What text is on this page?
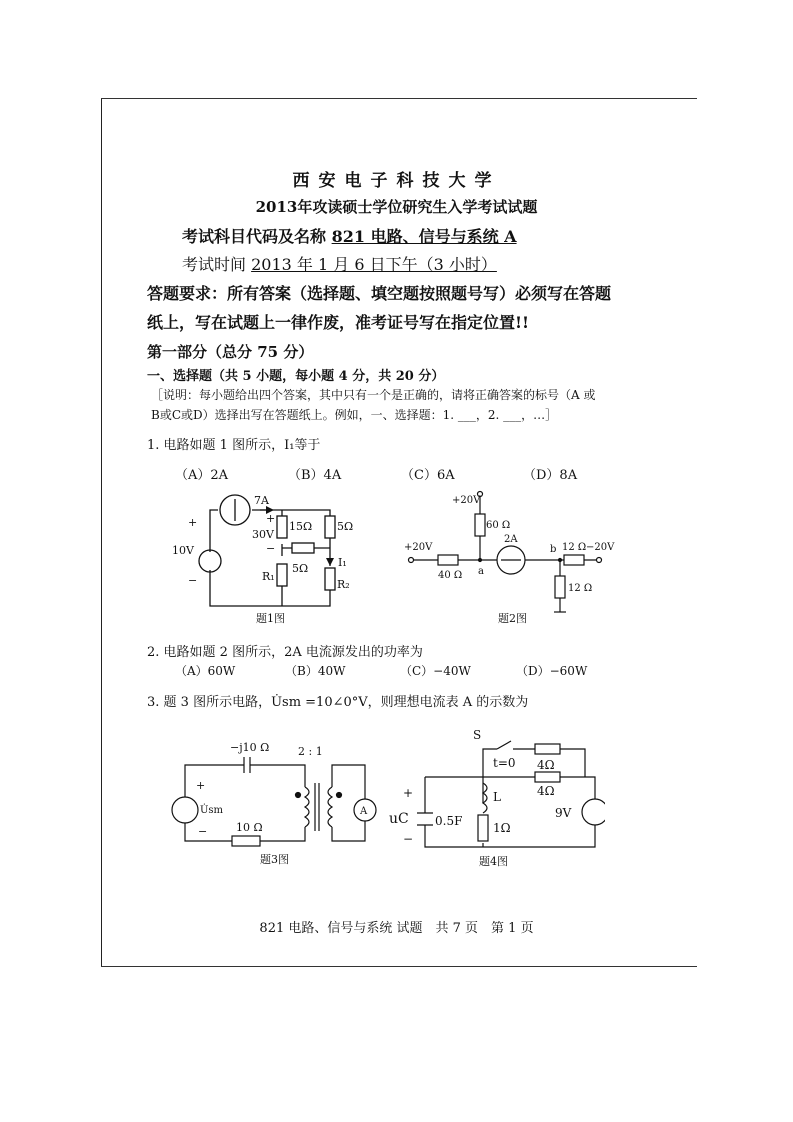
西安电子科技大学
2013年攻读硕士学位研究生入学考试试题
考试科目代码及名称 821 电路、信号与系统 A
考试时间 2013 年 1 月 6 日下午（3 小时）
答题要求：所有答案（选择题、填空题按照题号写）必须写在答题
纸上，写在试题上一律作废，准考证号写在指定位置!!
第一部分（总分 75 分）
一、选择题（共 5 小题，每小题 4 分，共 20 分）
［说明：每小题给出四个答案，其中只有一个是正确的，请将正确答案的标号（A 或
B或C或D）选择出写在答题纸上。例如，一、选择题：1. ___，2. ___，…］
1. 电路如题 1 图所示，I₁等于
（A）2A	（B）4A	（C）6A	（D）8A
+
10V
−
7A
+
30V
−
15Ω 5Ω
5Ω
R₁
I₁
R₂
题1图
+20V
60 Ω
+20V
40 Ω a
2A
b 12 Ω −20V
12 Ω
题2图
2. 电路如题 2 图所示，2A 电流源发出的功率为
（A）60W	（B）40W	（C）−40W	（D）−60W
3. 题 3 图所示电路，U̇sm =10∠0°V，则理想电流表 A 的示数为
−j10 Ω	2 : 1
+
U̇sm
−	10 Ω
A
题3图
S
t=0 4Ω
4Ω
+
uC
−
0.5F
L
1Ω
9V
题4图
821 电路、信号与系统 试题　共 7 页　第 1 页
